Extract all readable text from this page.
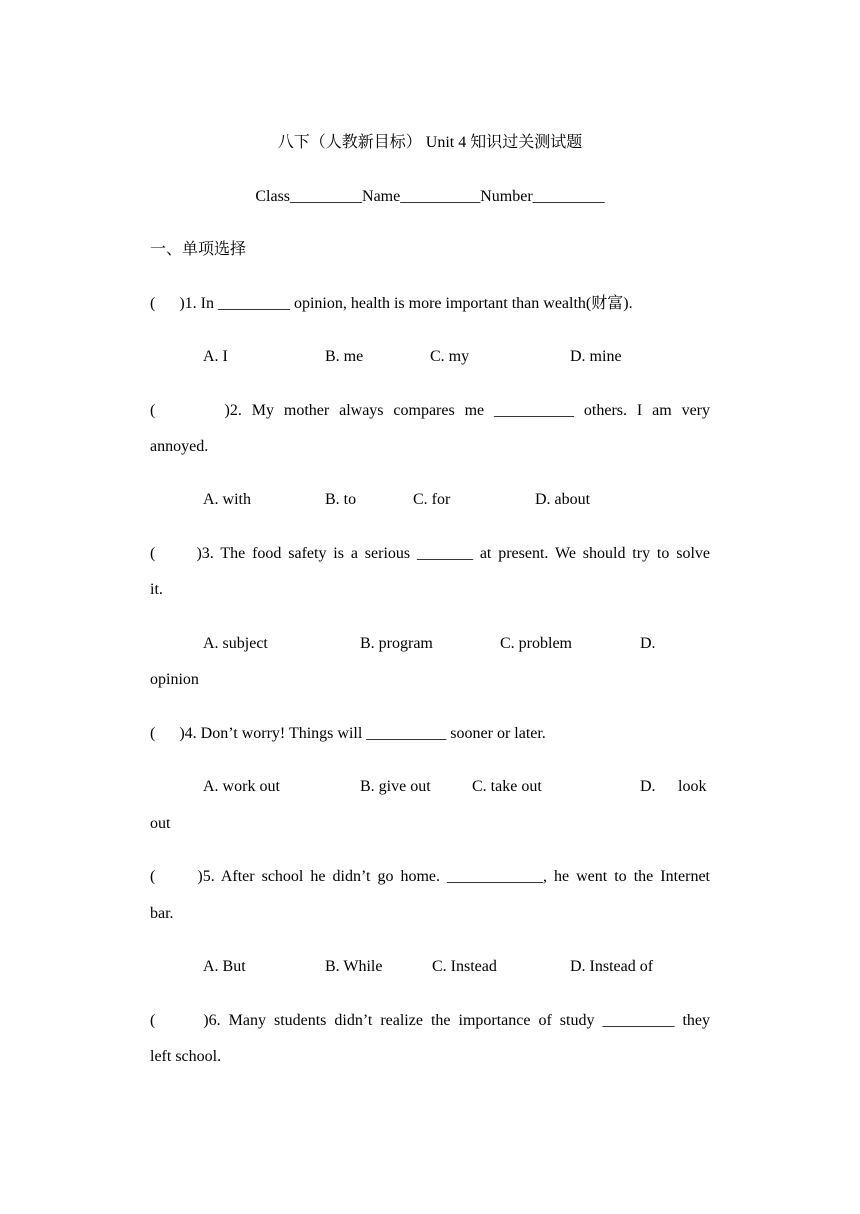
八下（人教新目标） Unit 4 知识过关测试题
Class_________Name__________Number_________
一、单项选择
(      )1. In _________ opinion, health is more important than wealth(财富).
A. I	B. me	C. my	D. mine
(       )2. My mother always compares me __________ others. I am very
annoyed.
A. with	B. to	C. for	D. about
(      )3. The food safety is a serious _______ at present. We should try to solve
it.
A. subject	B. program	C. problem	D.
opinion
(      )4. Don’t worry! Things will __________ sooner or later.
A. work out	B. give out	C. take out	D. look
out
(      )5. After school he didn’t go home. ____________, he went to the Internet
bar.
A. But	B. While	C. Instead	D. Instead of
(      )6. Many students didn’t realize the importance of study _________ they
left school.
